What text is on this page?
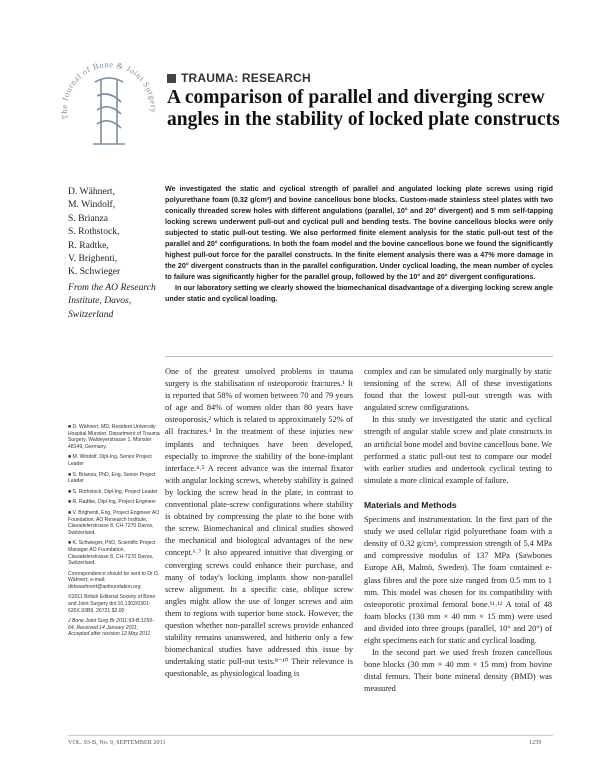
The Journal of Bone & Joint Surgery
TRAUMA: RESEARCH
A comparison of parallel and diverging screw angles in the stability of locked plate constructs
D. Wähnert,
M. Windolf,
S. Brianza
S. Rothstock,
R. Radtke,
V. Brighenti,
K. Schwieger
From the AO Research Institute, Davos, Switzerland

We investigated the static and cyclical strength of parallel and angulated locking plate screws using rigid polyurethane foam (0.32 g/cm³) and bovine cancellous bone blocks. Custom-made stainless steel plates with two conically threaded screw holes with different angulations (parallel, 10° and 20° divergent) and 5 mm self-tapping locking screws underwent pull-out and cyclical pull and bending tests. The bovine cancellous blocks were only subjected to static pull-out testing. We also performed finite element analysis for the static pull-out test of the parallel and 20° configurations. In both the foam model and the bovine cancellous bone we found the significantly highest pull-out force for the parallel constructs. In the finite element analysis there was a 47% more damage in the 20° divergent constructs than in the parallel configuration. Under cyclical loading, the mean number of cycles to failure was significantly higher for the parallel group, followed by the 10° and 20° divergent configurations.

In our laboratory setting we clearly showed the biomechanical disadvantage of a diverging locking screw angle under static and cyclical loading.

■ D. Wähnert, MD, Resident University Hospital Münster, Department of Trauma Surgery, Waldeyerstrasse 1, Münster 48149, Germany.
■ M. Windolf, Dipl-Ing, Senior Project Leader
■ S. Brianza, PhD, Eng, Senior Project Leader
■ S. Rothstock, Dipl-Ing, Project Leader
■ R. Radtke, Dipl-Ing, Project Engineer
■ V. Brighenti, Eng, Project Engineer AO Foundation, AO Research Institute, Clavadelerstrasse 8, CH-7270 Davos, Switzerland.
■ K. Schwieger, PhD, Scientific Project Manager AO Foundation, Clavadelerstrasse 8, CH-7270 Davos, Switzerland.
Correspondence should be sent to Dr D. Wähnert; e-mail: dirkwaehnert@aofoundation.org
©2011 British Editorial Society of Bone and Joint Surgery doi:10.1302/0301-620X.93B9. 26721 $2.00
J Bone Joint Surg Br 2011;93-B:1259-64. Received 14 January 2011; Accepted after revision 12 May 2011

One of the greatest unsolved problems in trauma surgery is the stabilisation of osteoporotic fractures.¹ It is reported that 58% of women between 70 and 79 years of age and 84% of women older than 80 years have osteoporosis,² which is related to approximately 52% of all fractures.³ In the treatment of these injuries new implants and techniques have been developed, especially to improve the stability of the bone-implant interface.⁴˒⁵ A recent advance was the internal fixator with angular locking screws, whereby stability is gained by locking the screw head in the plate, in contrast to conventional plate-screw configurations where stability is obtained by compressing the plate to the bone with the screw. Biomechanical and clinical studies showed the mechanical and biological advantages of the new concept.⁶˒⁷ It also appeared intuitive that diverging or converging screws could enhance their purchase, and many of today's locking implants show non-parallel screw alignment. In a specific case, oblique screw angles might allow the use of longer screws and aim them to regions with superior bone stock. However, the question whether non-parallel screws provide enhanced stability remains unanswered, and hitherto only a few biomechanical studies have addressed this issue by undertaking static pull-out tests.⁸⁻¹⁰ Their relevance is questionable, as physiological loading is

complex and can be simulated only marginally by static tensioning of the screw. All of these investigations found that the lowest pull-out strength was with angulated screw configurations.

In this study we investigated the static and cyclical strength of angular stable screw and plate constructs in an artificial bone model and bovine cancellous bone. We performed a static pull-out test to compare our model with earlier studies and undertook cyclical testing to simulate a more clinical example of failure.

Materials and Methods

Specimens and instrumentation. In the first part of the study we used cellular rigid polyurethane foam with a density of 0.32 g/cm³, compression strength of 5.4 MPa and compressive modulus of 137 MPa (Sawbones Europe AB, Malmö, Sweden). The foam contained e-glass fibres and the pore size ranged from 0.5 mm to 1 mm. This model was chosen for its compatibility with osteoporotic proximal femoral bone.¹¹˒¹² A total of 48 foam blocks (130 mm × 40 mm × 15 mm) were used and divided into three groups (parallel, 10° and 20°) of eight specimens each for static and cyclical loading.

In the second part we used fresh frozen cancellous bone blocks (30 mm × 40 mm × 15 mm) from bovine distal femurs. Their bone mineral density (BMD) was measured

VOL. 93-B, No. 9, SEPTEMBER 2011	1259
